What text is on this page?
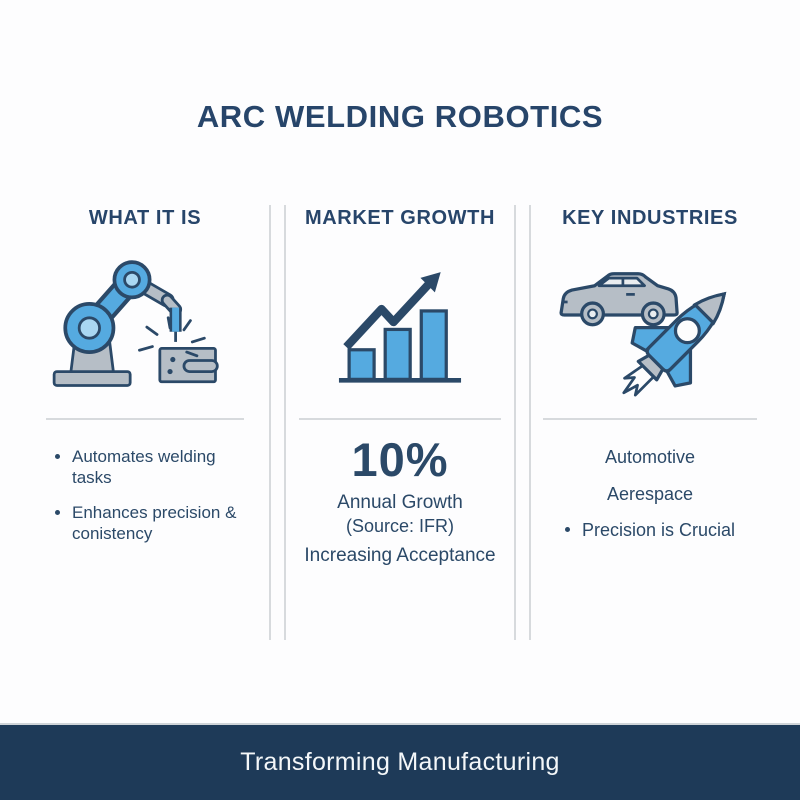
ARC WELDING ROBOTICS
WHAT IT IS
Automates welding tasks
Enhances precision & conistency
MARKET GROWTH
10%
Annual Growth
(Source: IFR)
Increasing Acceptance
KEY INDUSTRIES
Automotive
Aerespace
Precision is Crucial
Transforming Manufacturing
